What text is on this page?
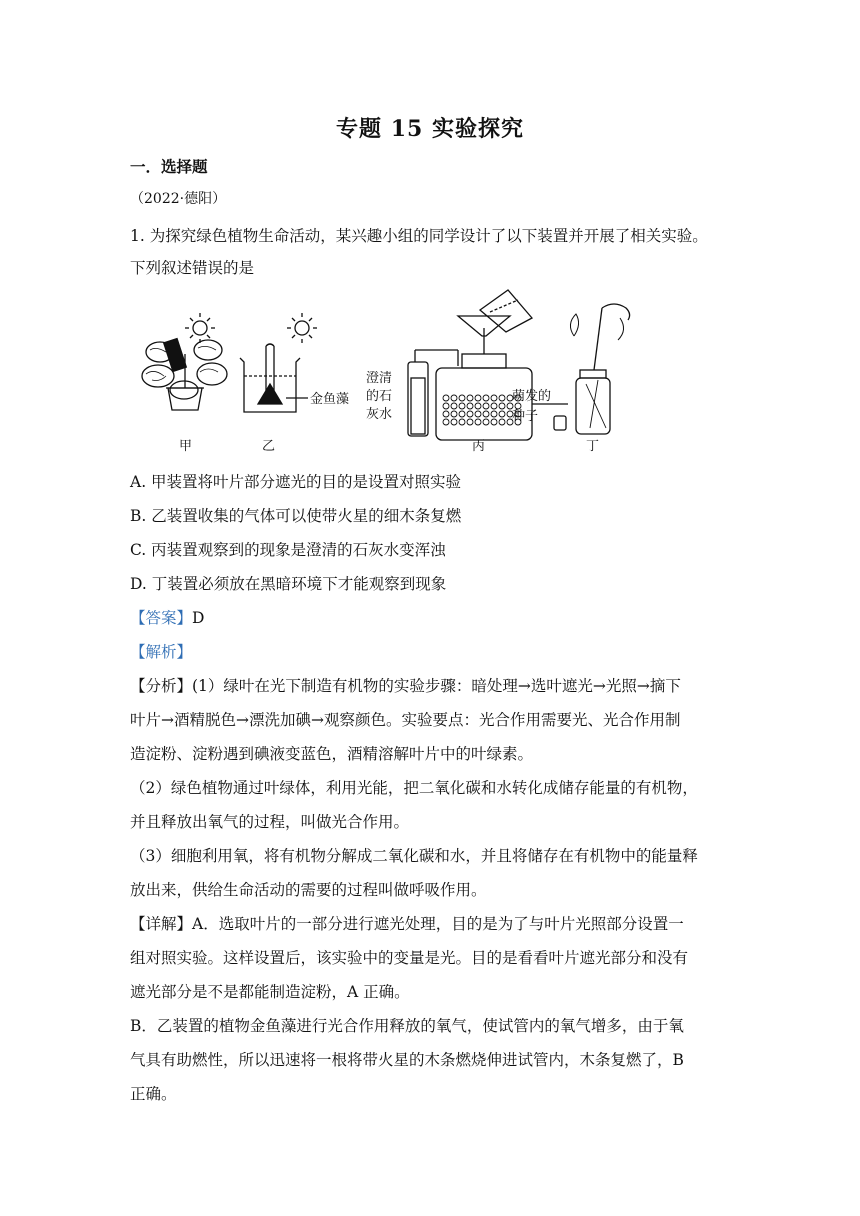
专题 15 实验探究
一．选择题
（2022·德阳）
1. 为探究绿色植物生命活动，某兴趣小组的同学设计了以下装置并开展了相关实验。
下列叙述错误的是
甲	乙
金鱼藻
澄清
的石
灰水
丙
萌发的
种子
丁
A. 甲装置将叶片部分遮光的目的是设置对照实验
B. 乙装置收集的气体可以使带火星的细木条复燃
C. 丙装置观察到的现象是澄清的石灰水变浑浊
D. 丁装置必须放在黑暗环境下才能观察到现象
【答案】D
【解析】
【分析】(1）绿叶在光下制造有机物的实验步骤：暗处理→选叶遮光→光照→摘下
叶片→酒精脱色→漂洗加碘→观察颜色。实验要点：光合作用需要光、光合作用制
造淀粉、淀粉遇到碘液变蓝色，酒精溶解叶片中的叶绿素。
（2）绿色植物通过叶绿体，利用光能，把二氧化碳和水转化成储存能量的有机物，
并且释放出氧气的过程，叫做光合作用。
（3）细胞利用氧，将有机物分解成二氧化碳和水，并且将储存在有机物中的能量释
放出来，供给生命活动的需要的过程叫做呼吸作用。
【详解】A．选取叶片的一部分进行遮光处理，目的是为了与叶片光照部分设置一
组对照实验。这样设置后，该实验中的变量是光。目的是看看叶片遮光部分和没有
遮光部分是不是都能制造淀粉，A 正确。
B．乙装置的植物金鱼藻进行光合作用释放的氧气，使试管内的氧气增多，由于氧
气具有助燃性，所以迅速将一根将带火星的木条燃烧伸进试管内，木条复燃了，B
正确。
